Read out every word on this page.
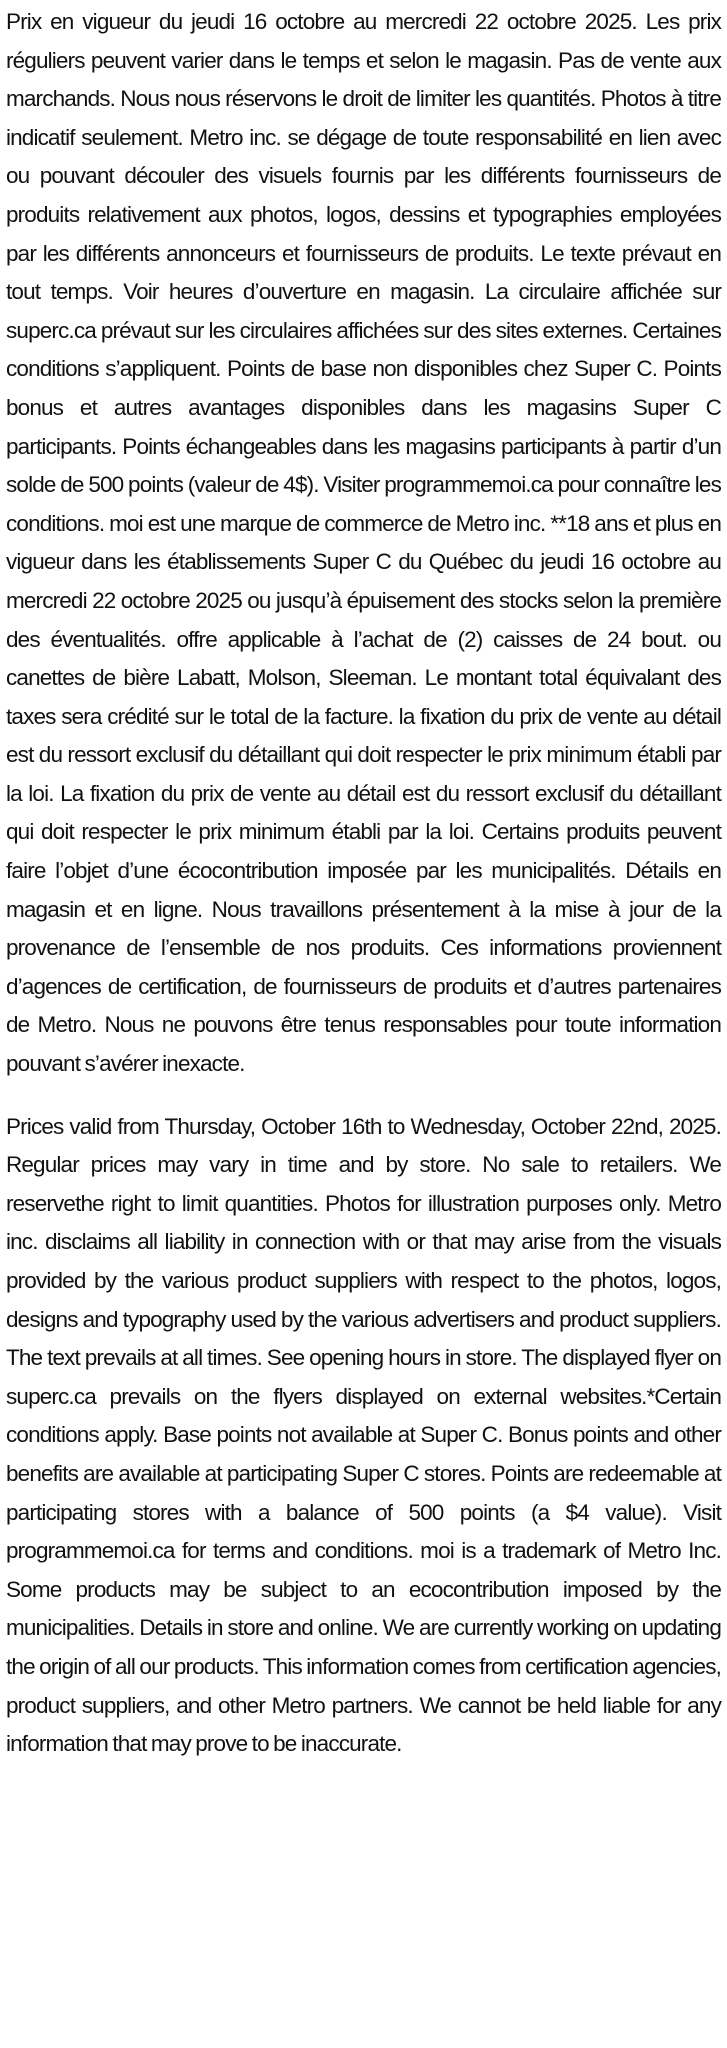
Prix en vigueur du jeudi 16 octobre au mercredi 22 octobre 2025. Les prix réguliers peuvent varier dans le temps et selon le magasin. Pas de vente aux marchands. Nous nous réservons le droit de limiter les quantités. Photos à titre indicatif seulement. Metro inc. se dégage de toute responsabilité en lien avec ou pouvant découler des visuels fournis par les différents fournisseurs de produits relativement aux photos, logos, dessins et typographies employées par les différents annonceurs et fournisseurs de produits. Le texte prévaut en tout temps. Voir heures d’ouverture en magasin. La circulaire affichée sur superc.ca prévaut sur les circulaires affichées sur des sites externes. Certaines conditions s’appliquent. Points de base non disponibles chez Super C. Points bonus et autres avantages disponibles dans les magasins Super C participants. Points échangeables dans les magasins participants à partir d’un solde de 500 points (valeur de 4$). Visiter programmemoi.ca pour connaître les conditions. moi est une marque de commerce de Metro inc. **18 ans et plus en vigueur dans les établissements Super C du Québec du jeudi 16 octobre au mercredi 22 octobre 2025 ou jusqu’à épuisement des stocks selon la première des éventualités. offre applicable à l’achat de (2) caisses de 24 bout. ou canettes de bière Labatt, Molson, Sleeman. Le montant total équivalant des taxes sera crédité sur le total de la facture. la fixation du prix de vente au détail est du ressort exclusif du détaillant qui doit respecter le prix minimum établi par la loi. La fixation du prix de vente au détail est du ressort exclusif du détaillant qui doit respecter le prix minimum établi par la loi. Certains produits peuvent faire l’objet d’une écocontribution imposée par les municipalités. Détails en magasin et en ligne. Nous travaillons présentement à la mise à jour de la provenance de l’ensemble de nos produits. Ces informations proviennent d’agences de certification, de fournisseurs de produits et d’autres partenaires de Metro. Nous ne pouvons être tenus responsables pour toute information pouvant s’avérer inexacte.

Prices valid from Thursday, October 16th to Wednesday, October 22nd, 2025. Regular prices may vary in time and by store. No sale to retailers. We reservethe right to limit quantities. Photos for illustration purposes only. Metro inc. disclaims all liability in connection with or that may arise from the visuals provided by the various product suppliers with respect to the photos, logos, designs and typography used by the various advertisers and product suppliers. The text prevails at all times. See opening hours in store. The displayed flyer on superc.ca prevails on the flyers displayed on external websites.*Certain conditions apply. Base points not available at Super C. Bonus points and other benefits are available at participating Super C stores. Points are redeemable at participating stores with a balance of 500 points (a $4 value). Visit programmemoi.ca for terms and conditions. moi is a trademark of Metro Inc. Some products may be subject to an ecocontribution imposed by the municipalities. Details in store and online. We are currently working on updating the origin of all our products. This information comes from certification agencies, product suppliers, and other Metro partners. We cannot be held liable for any information that may prove to be inaccurate.
